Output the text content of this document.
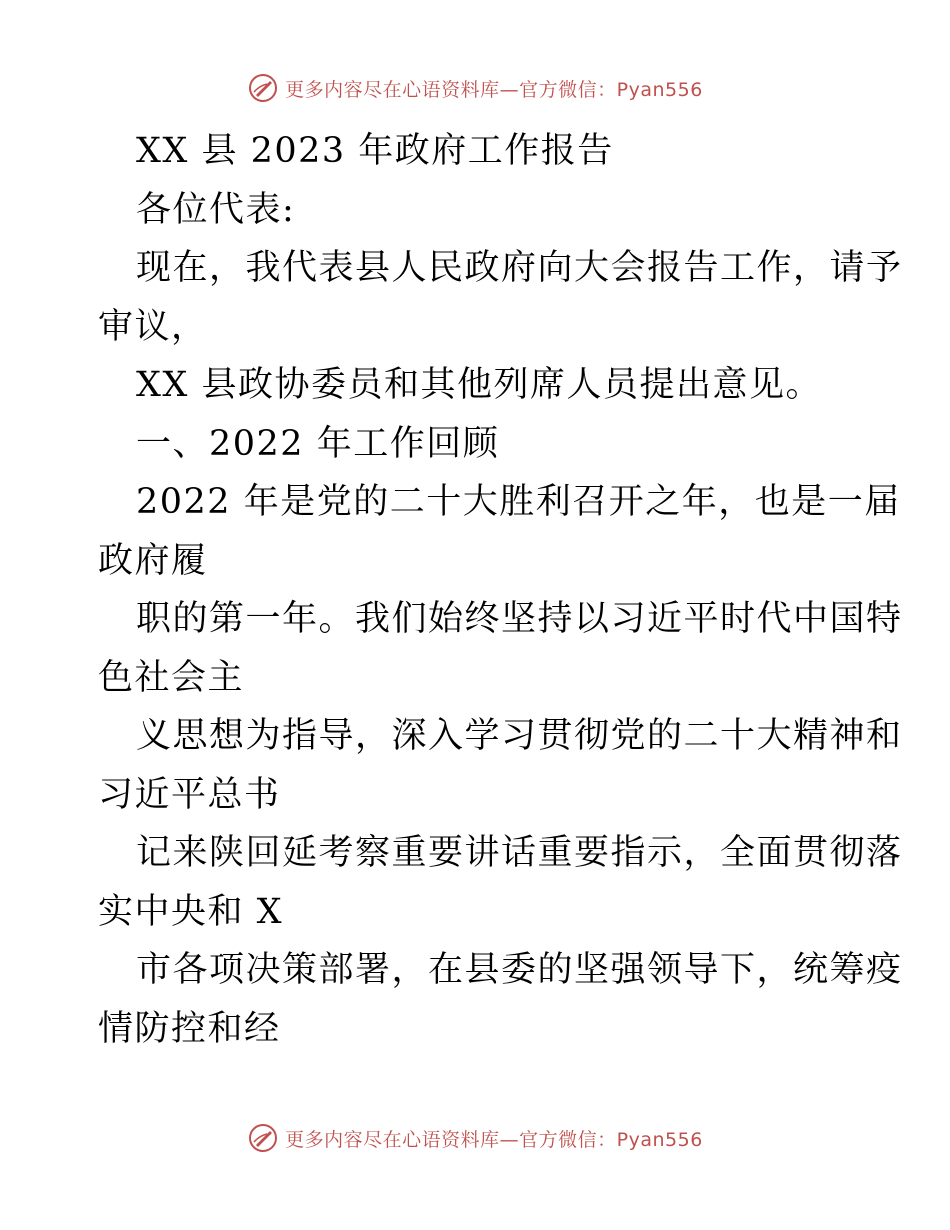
更多内容尽在心语资料库—官方微信：Pyan556
XX 县 2023 年政府工作报告
各位代表:
现在，我代表县人民政府向大会报告工作，请予
审议，
XX 县政协委员和其他列席人员提出意见。
一、2022 年工作回顾
2022 年是党的二十大胜利召开之年，也是一届
政府履
职的第一年。我们始终坚持以习近平时代中国特
色社会主
义思想为指导，深入学习贯彻党的二十大精神和
习近平总书
记来陕回延考察重要讲话重要指示，全面贯彻落
实中央和 X
市各项决策部署，在县委的坚强领导下，统筹疫
情防控和经
更多内容尽在心语资料库—官方微信：Pyan556
